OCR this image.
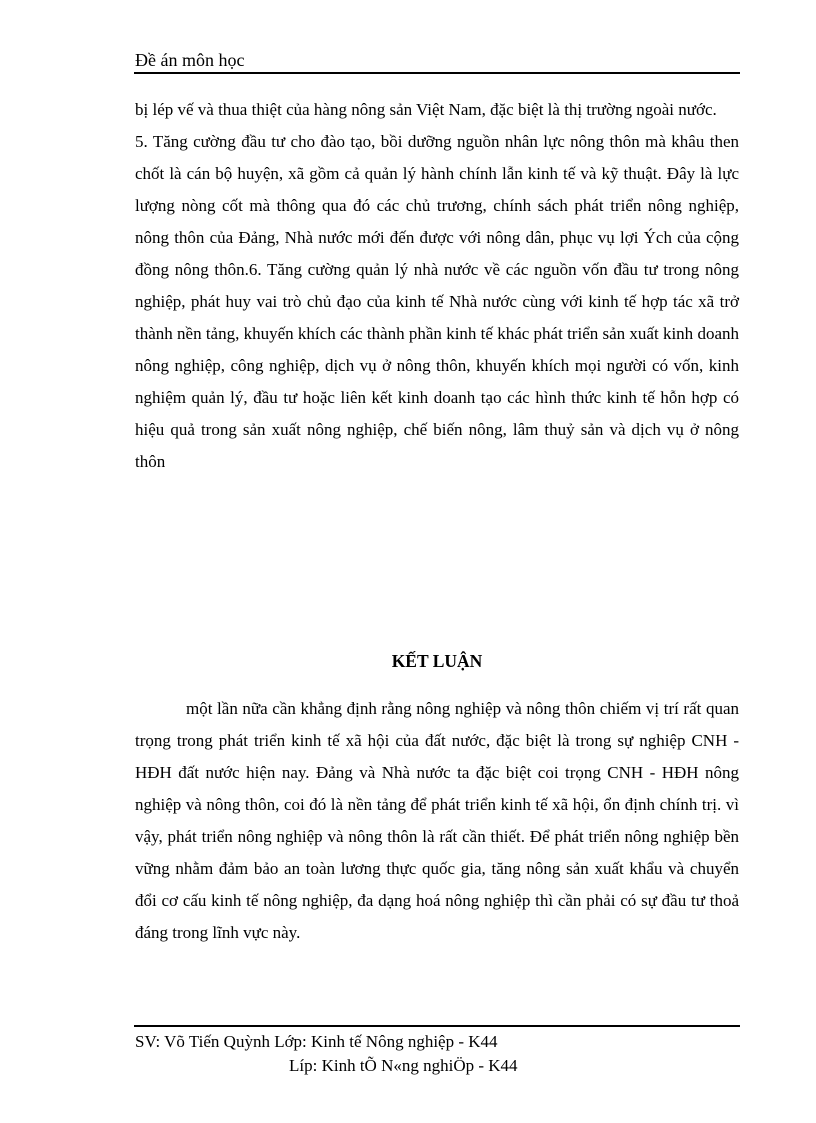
Đề án môn học

bị lép vế và thua thiệt của hàng nông sản Việt Nam, đặc biệt là thị trường ngoài nước.
5. Tăng cường đầu tư cho đào tạo, bồi dưỡng nguồn nhân lực nông thôn mà khâu then chốt là cán bộ huyện, xã gồm cả quản lý hành chính lẫn kinh tế và kỹ thuật. Đây là lực lượng nòng cốt mà thông qua đó các chủ trương, chính sách phát triển nông nghiệp, nông thôn của Đảng, Nhà nước mới đến được với nông dân, phục vụ lợi Ých của cộng đồng nông thôn.6. Tăng cường quản lý nhà nước về các nguồn vốn đầu tư trong nông nghiệp, phát huy vai trò chủ đạo của kinh tế Nhà nước cùng với kinh tế hợp tác xã trở thành nền tảng, khuyến khích các thành phần kinh tế khác phát triển sản xuất kinh doanh nông nghiệp, công nghiệp, dịch vụ ở nông thôn, khuyến khích mọi người có vốn, kinh nghiệm quản lý, đầu tư hoặc liên kết kinh doanh tạo các hình thức kinh tế hỗn hợp có hiệu quả trong sản xuất nông nghiệp, chế biến nông, lâm thuỷ sản và dịch vụ ở nông thôn

KẾT LUẬN

một lần nữa cần khẳng định rằng nông nghiệp và nông thôn chiếm vị trí rất quan trọng trong phát triển kinh tế xã hội của đất nước, đặc biệt là trong sự nghiệp CNH - HĐH đất nước hiện nay. Đảng và Nhà nước ta đặc biệt coi trọng CNH - HĐH nông nghiệp và nông thôn, coi đó là nền tảng để phát triển kinh tế xã hội, ổn định chính trị. vì vậy, phát triển nông nghiệp và nông thôn là rất cần thiết. Để phát triển nông nghiệp bền vững nhằm đảm bảo an toàn lương thực quốc gia, tăng nông sản xuất khẩu và chuyển đổi cơ cấu kinh tế nông nghiệp, đa dạng hoá nông nghiệp thì cần phải có sự đầu tư thoả đáng trong lĩnh vực này.

SV: Võ Tiến Quỳnh Lớp: Kinh tế Nông nghiệp - K44
Líp: Kinh tÕ N«ng nghiÖp - K44
